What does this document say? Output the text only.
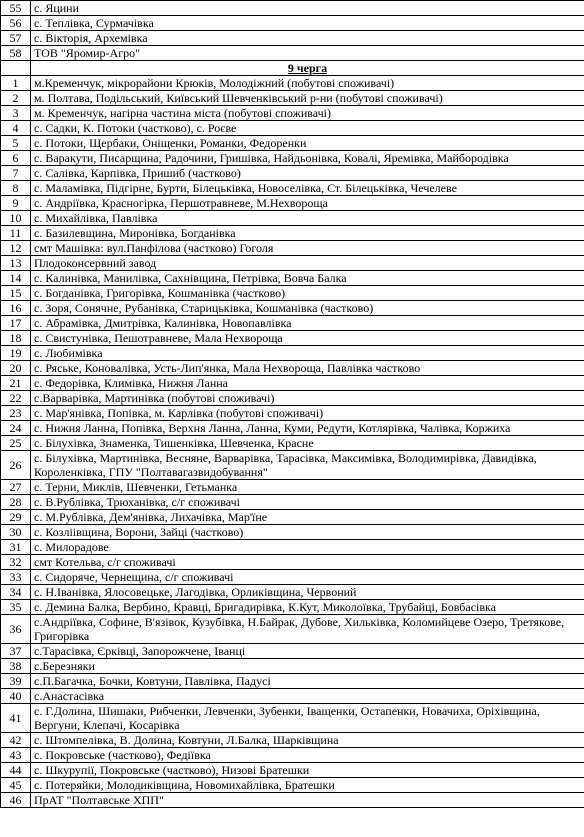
55	с. Яцини
56	с. Теплівка, Сурмачівка
57	с. Вікторія, Архемівка
58	ТОВ "Яромир-Агро"
	9 черга
1	м.Кременчук, мікрорайони Крюків, Молодіжний (побутові споживачі)
2	м. Полтава, Подільський, Київський Шевченківський р-ни (побутові споживачі)
3	м. Кременчук, нагірна частина міста (побутові споживачі)
4	с. Садки, К. Потоки (частково), с. Роєве
5	с. Потоки, Щербаки, Оніщенки, Романки, Федоренки
6	с. Варакути, Писарщина, Радочини, Гришівка, Найдьонівка, Ковалі, Яремівка, Майбородівка
7	с. Салівка, Карпівка, Пришиб (частково)
8	с. Маламівка, Підгірне, Бурти, Білецьківка, Новоселівка, Ст. Білецьківка, Чечелеве
9	с. Андріївка, Красногірка, Першотравневе, М.Нехвороща
10	с. Михайлівка, Павлівка
11	с. Базилевщина, Миронівка, Богданівка
12	смт Машівка: вул.Панфілова (частково) Гоголя
13	Плодоконсервний завод
14	с. Калинівка, Манилівка, Сахнівщина, Петрівка, Вовча Балка
15	с. Богданівка, Григорівка, Кошманівка (частково)
16	с. Зоря, Сонячне, Рубанівка, Старицьківка, Кошманівка (частково)
17	с. Абрамівка, Дмитрівка, Калинівка, Новопавлівка
18	с. Свистунівка, Пешотравневе, Мала Нехвороща
19	с. Любимівка
20	с. Ряське, Коновалівка, Усть-Лип'янка, Мала Нехвороща, Павлівка частково
21	с. Федорівка, Климівка, Нижня Ланна
22	с.Варварівка, Мартинівка (побутові споживачі)
23	с. Мар'янівка, Попівка, м. Карлівка (побутові споживачі)
24	с. Нижня Ланна, Попівка, Верхня Ланна, Ланна, Куми, Редути, Котлярівка, Чалівка, Коржиха
25	с. Білухівка, Знаменка, Тишенківка, Шевченка, Красне
26	с. Білухівка, Мартинівка, Весняне, Варварівка, Тарасівка, Максимівка, Володимирівка, Давидівка, Короленківка, ГПУ "Полтавагазвидобування"
27	с. Терни, Миклів, Шевченки, Гетьманка
28	с. В.Рублівка, Трюханівка, с/г споживачі
29	с. М.Рублівка, Дем'янівка, Лихачівка, Мар'їне
30	с. Козліівщина, Ворони, Зайці (частково)
31	с. Милорадове
32	смт Котельва, с/г споживачі
33	с. Сидоряче, Чернещина, с/г споживачі
34	с. Н.Іванівка, Ялосовецьке, Лагодівка, Орликівщина, Червоний
35	с. Демина Балка, Вербино, Кравці, Бригадирівка, К.Кут, Миколоївка, Трубайці, Бовбасівка
36	с.Андріївка, Софине, В'язівок, Кузубівка, Н.Байрак, Дубове, Хильківка, Коломийцеве Озеро, Третякове, Григорівка
37	с.Тарасівка, Єрківці, Запорожчене, Іванці
38	с.Березняки
39	с.П.Багачка, Бочки, Ковтуни, Павлівка, Падусі
40	с.Анастасівка
41	с. Г.Долина, Шишаки, Рибченки, Левченки, Зубенки, Іващенки, Остапенки, Новачиха, Оріхівщина, Вергуни, Клепачі, Косарівка
42	с. Штомпелівка, В. Долина, Ковтуни, Л.Балка, Шарківщина
43	с. Покровське (частково), Федіївка
44	с. Шкурупії, Покровське (частково), Низові Братешки
45	с. Потеряйки, Молодиківщина, Новомихайлівка, Братешки
46	ПрАТ "Полтавське ХПП"
